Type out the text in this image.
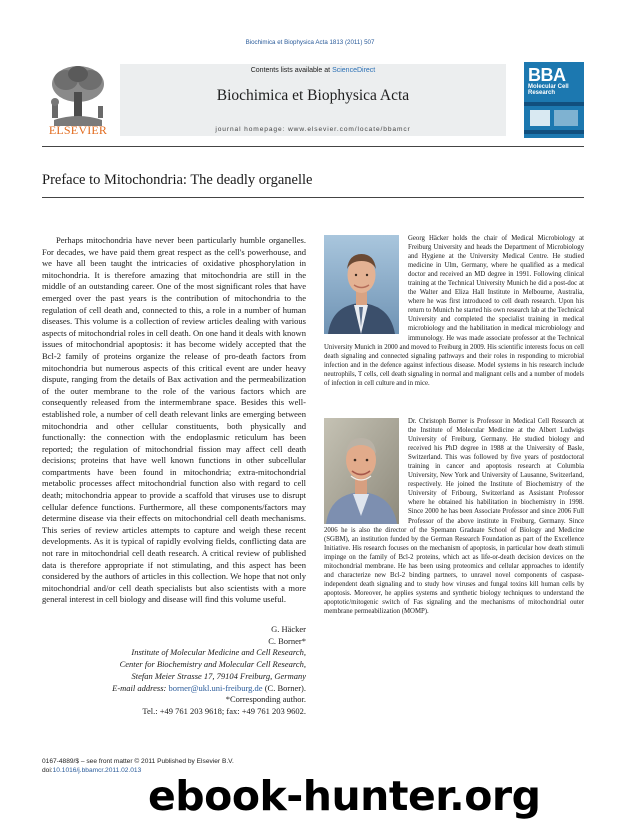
Biochimica et Biophysica Acta 1813 (2011) 507
ELSEVIER
Contents lists available at ScienceDirect
Biochimica et Biophysica Acta
journal homepage: www.elsevier.com/locate/bbamcr
BBA
Molecular Cell Research
Preface to Mitochondria: The deadly organelle
Perhaps mitochondria have never been particularly humble organelles. For decades, we have paid them great respect as the cell's powerhouse, and we have all been taught the intricacies of oxidative phosphorylation in mitochondria. It is therefore amazing that mitochondria are still in the middle of an outstanding career. One of the most significant roles that have emerged over the past years is the contribution of mitochondria to the regulation of cell death and, connected to this, a role in a number of human diseases. This volume is a collection of review articles dealing with various aspects of mitochondrial roles in cell death. On one hand it deals with known issues of mitochondrial apoptosis: it has become widely accepted that the Bcl-2 family of proteins organize the release of pro-death factors from mitochondria but numerous aspects of this critical event are under heavy dispute, ranging from the details of Bax activation and the permeabilization of the outer membrane to the role of the various factors which are consequently released from the intermembrane space. Besides this well-established role, a number of cell death relevant links are emerging between mitochondria and other cellular constituents, both physically and functionally: the connection with the endoplasmic reticulum has been reported; the regulation of mitochondrial fission may affect cell death decisions; proteins that have well known functions in other subcellular compartments have been found in mitochondria; extra-mitochondrial metabolic processes affect mitochondrial function also with regard to cell death; mitochondria appear to provide a scaffold that viruses use to disrupt cellular defence functions. Furthermore, all these components/factors may determine disease via their effects on mitochondrial cell death mechanisms. This series of review articles attempts to capture and weigh these recent developments. As it is typical of rapidly evolving fields, conflicting data are not rare in mitochondrial cell death research. A critical review of published data is therefore appropriate if not stimulating, and this aspect has been considered by the authors of articles in this collection. We hope that not only mitochondrial and/or cell death specialists but also scientists with a more general interest in cell biology and disease will find this volume useful.
G. Häcker
C. Borner*
Institute of Molecular Medicine and Cell Research,
Center for Biochemistry and Molecular Cell Research,
Stefan Meier Strasse 17, 79104 Freiburg, Germany
E-mail address: borner@ukl.uni-freiburg.de (C. Borner).
*Corresponding author.
Tel.: +49 761 203 9618; fax: +49 761 203 9602.
Georg Häcker holds the chair of Medical Microbiology at Freiburg University and heads the Department of Microbiology and Hygiene at the University Medical Centre. He studied medicine in Ulm, Germany, where he qualified as a medical doctor and received an MD degree in 1991. Following clinical training at the Technical University Munich he did a post-doc at the Walter and Eliza Hall Institute in Melbourne, Australia, where he was first introduced to cell death research. Upon his return to Munich he started his own research lab at the Technical University and completed the specialist training in medical microbiology and the habilitation in medical microbiology and immunology. He was made associate professor at the Technical University Munich in 2000 and moved to Freiburg in 2009. His scientific interests focus on cell death signaling and connected signaling pathways and their roles in responding to microbial infection and in the defence against infectious disease. Model systems in his research include neutrophils, T cells, cell death signaling in normal and malignant cells and a number of models of infection in cell culture and in mice.
Dr. Christoph Borner is Professor in Medical Cell Research at the Institute of Molecular Medicine at the Albert Ludwigs University of Freiburg, Germany. He studied biology and received his PhD degree in 1988 at the University of Basle, Switzerland. This was followed by five years of postdoctoral training in cancer and apoptosis research at Columbia University, New York and University of Lausanne, Switzerland, respectively. He joined the Institute of Biochemistry of the University of Fribourg, Switzerland as Assistant Professor where he obtained his habilitation in biochemistry in 1998. Since 2000 he has been Associate Professor and since 2006 Full Professor of the above institute in Freiburg, Germany. Since 2006 he is also the director of the Spemann Graduate School of Biology and Medicine (SGBM), an institution funded by the German Research Foundation as part of the Excellence Initiative. His research focuses on the mechanism of apoptosis, in particular how death stimuli impinge on the family of Bcl-2 proteins, which act as life-or-death decision devices on the mitochondrial membrane. He has been using proteomics and cellular approaches to identify and characterize new Bcl-2 binding partners, to unravel novel components of caspase-independent death signaling and to study how viruses and fungal toxins kill human cells by apoptosis. Moreover, he applies systems and synthetic biology techniques to understand the apoptotic/mitogenic switch of Fas signaling and the mechanisms of mitochondrial outer membrane permeabilization (MOMP).
0167-4889/$ – see front matter © 2011 Published by Elsevier B.V.
doi:10.1016/j.bbamcr.2011.02.013
ebook-hunter.org
